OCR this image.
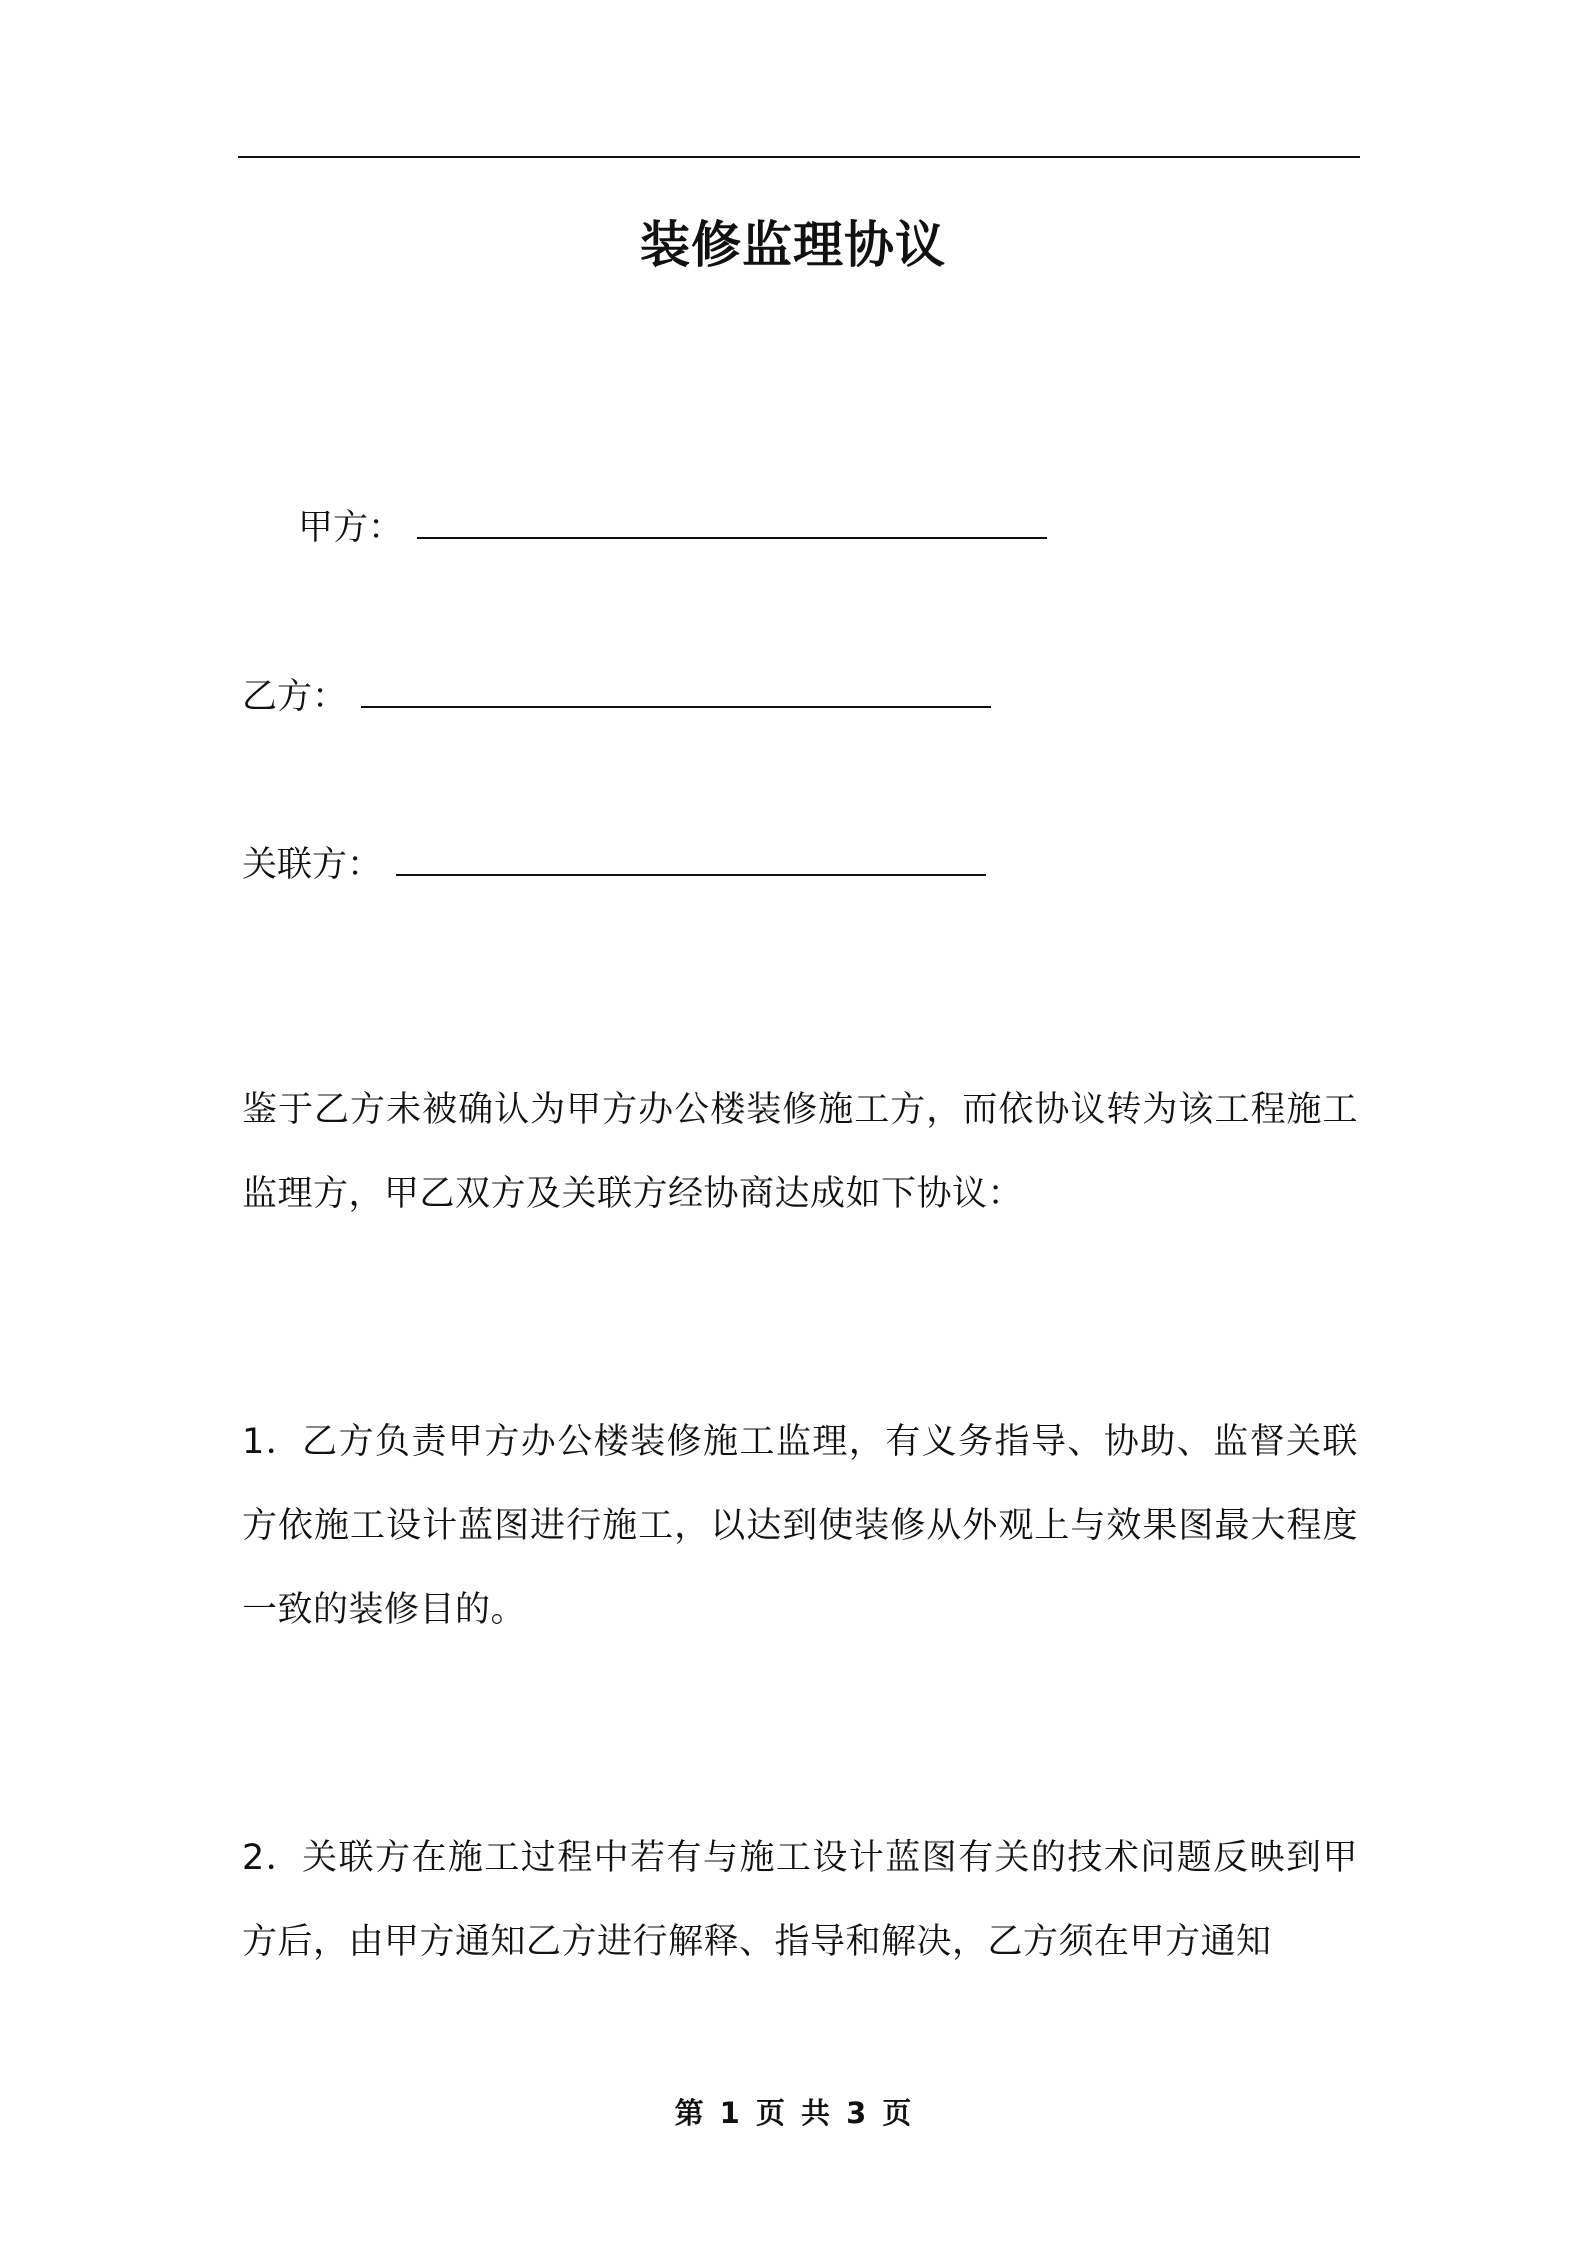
装修监理协议
甲方：
乙方：
关联方：

鉴于乙方未被确认为甲方办公楼装修施工方，而依协议转为该工程施工监理方，甲乙双方及关联方经协商达成如下协议：

1．乙方负责甲方办公楼装修施工监理，有义务指导、协助、监督关联方依施工设计蓝图进行施工，以达到使装修从外观上与效果图最大程度一致的装修目的。

2．关联方在施工过程中若有与施工设计蓝图有关的技术问题反映到甲方后，由甲方通知乙方进行解释、指导和解决，乙方须在甲方通知

第 1 页 共 3 页
